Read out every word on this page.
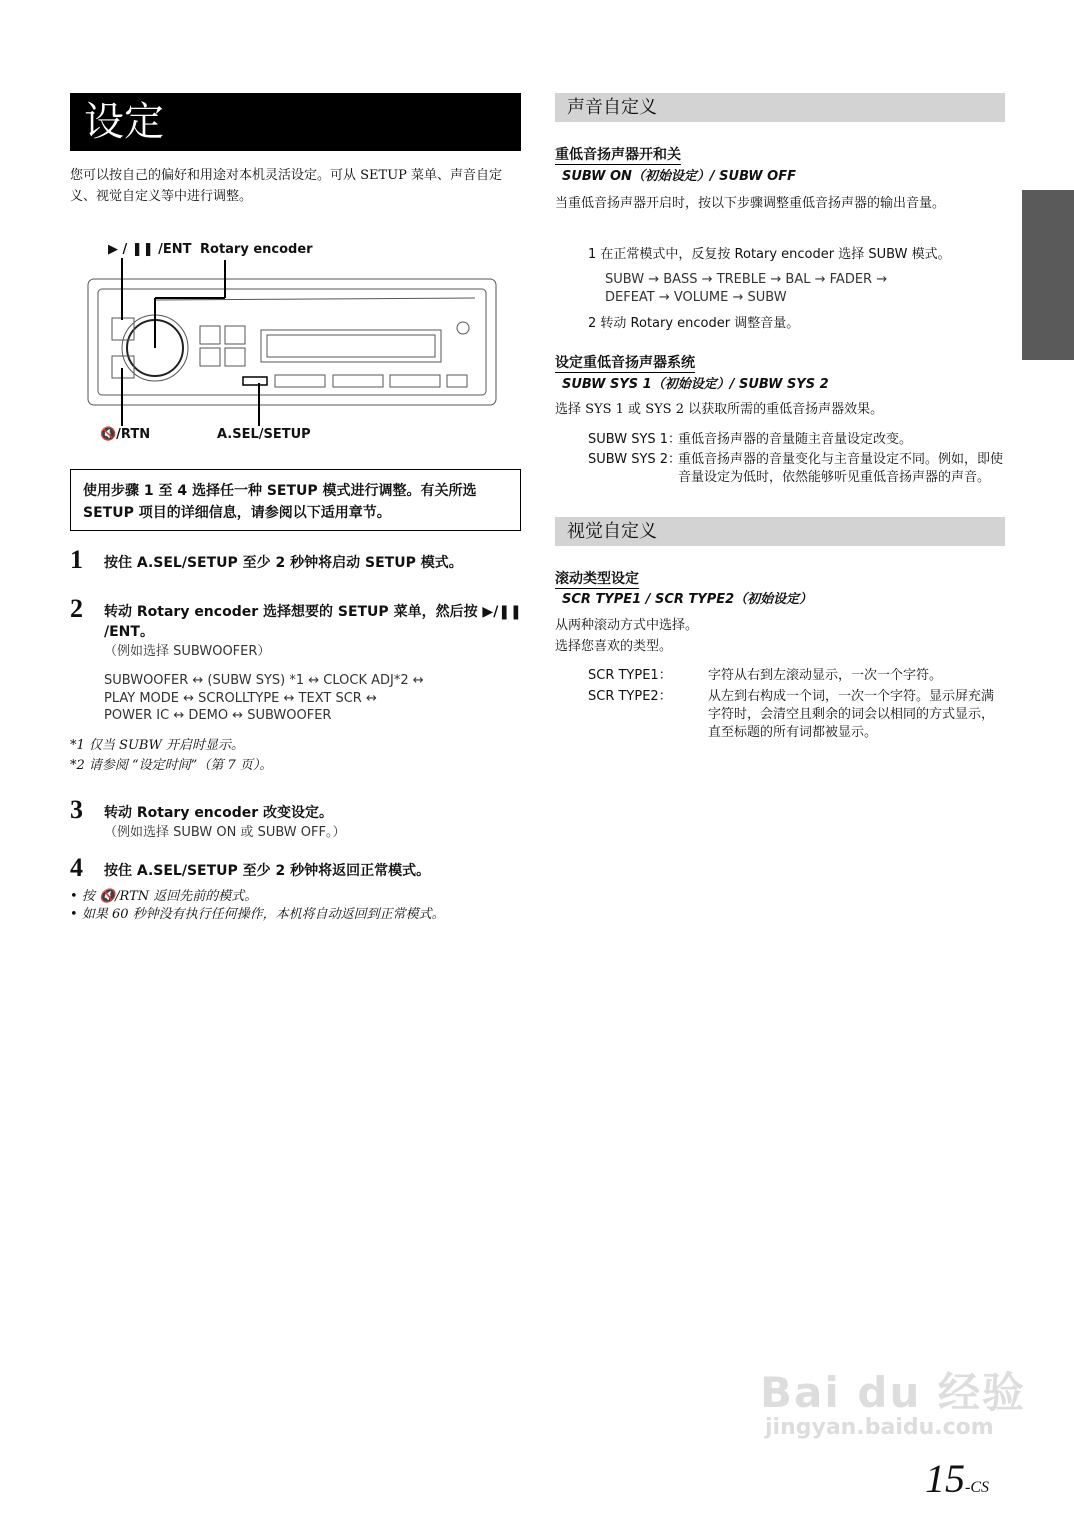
设定
您可以按自己的偏好和用途对本机灵活设定。可从 SETUP 菜单、声音自定义、视觉自定义等中进行调整。
▶ / ❚❚ /ENT Rotary encoder
🔇/RTN	A.SEL/SETUP
使用步骤 1 至 4 选择任一种 SETUP 模式进行调整。有关所选 SETUP 项目的详细信息，请参阅以下适用章节。
1 按住 A.SEL/SETUP 至少 2 秒钟将启动 SETUP 模式。
2 转动 Rotary encoder 选择想要的 SETUP 菜单，然后按 ▶/❚❚ /ENT。
（例如选择 SUBWOOFER）
SUBWOOFER ↔ (SUBW SYS) *1 ↔ CLOCK ADJ*2 ↔
PLAY MODE ↔ SCROLLTYPE ↔ TEXT SCR ↔
POWER IC ↔ DEMO ↔ SUBWOOFER
*1 仅当 SUBW 开启时显示。
*2 请参阅 “设定时间”（第 7 页）。
3 转动 Rotary encoder 改变设定。
（例如选择 SUBW ON 或 SUBW OFF。）
4 按住 A.SEL/SETUP 至少 2 秒钟将返回正常模式。
• 按 🔇/RTN 返回先前的模式。
• 如果 60 秒钟没有执行任何操作，本机将自动返回到正常模式。
声音自定义
重低音扬声器开和关
SUBW ON（初始设定）/ SUBW OFF
当重低音扬声器开启时，按以下步骤调整重低音扬声器的输出音量。
1 在正常模式中，反复按 Rotary encoder 选择 SUBW 模式。
SUBW → BASS → TREBLE → BAL → FADER →
DEFEAT → VOLUME → SUBW
2 转动 Rotary encoder 调整音量。
设定重低音扬声器系统
SUBW SYS 1（初始设定）/ SUBW SYS 2
选择 SYS 1 或 SYS 2 以获取所需的重低音扬声器效果。
SUBW SYS 1：
重低音扬声器的音量随主音量设定改变。
SUBW SYS 2：
重低音扬声器的音量变化与主音量设定不同。例如，即使音量设定为低时，依然能够听见重低音扬声器的声音。
视觉自定义
滚动类型设定
SCR TYPE1 / SCR TYPE2（初始设定）
从两种滚动方式中选择。
选择您喜欢的类型。
SCR TYPE1：	字符从右到左滚动显示，一次一个字符。
SCR TYPE2：	从左到右构成一个词，一次一个字符。显示屏充满字符时，会清空且剩余的词会以相同的方式显示，直至标题的所有词都被显示。
Bai du 经验
jingyan.baidu.com
15-CS
